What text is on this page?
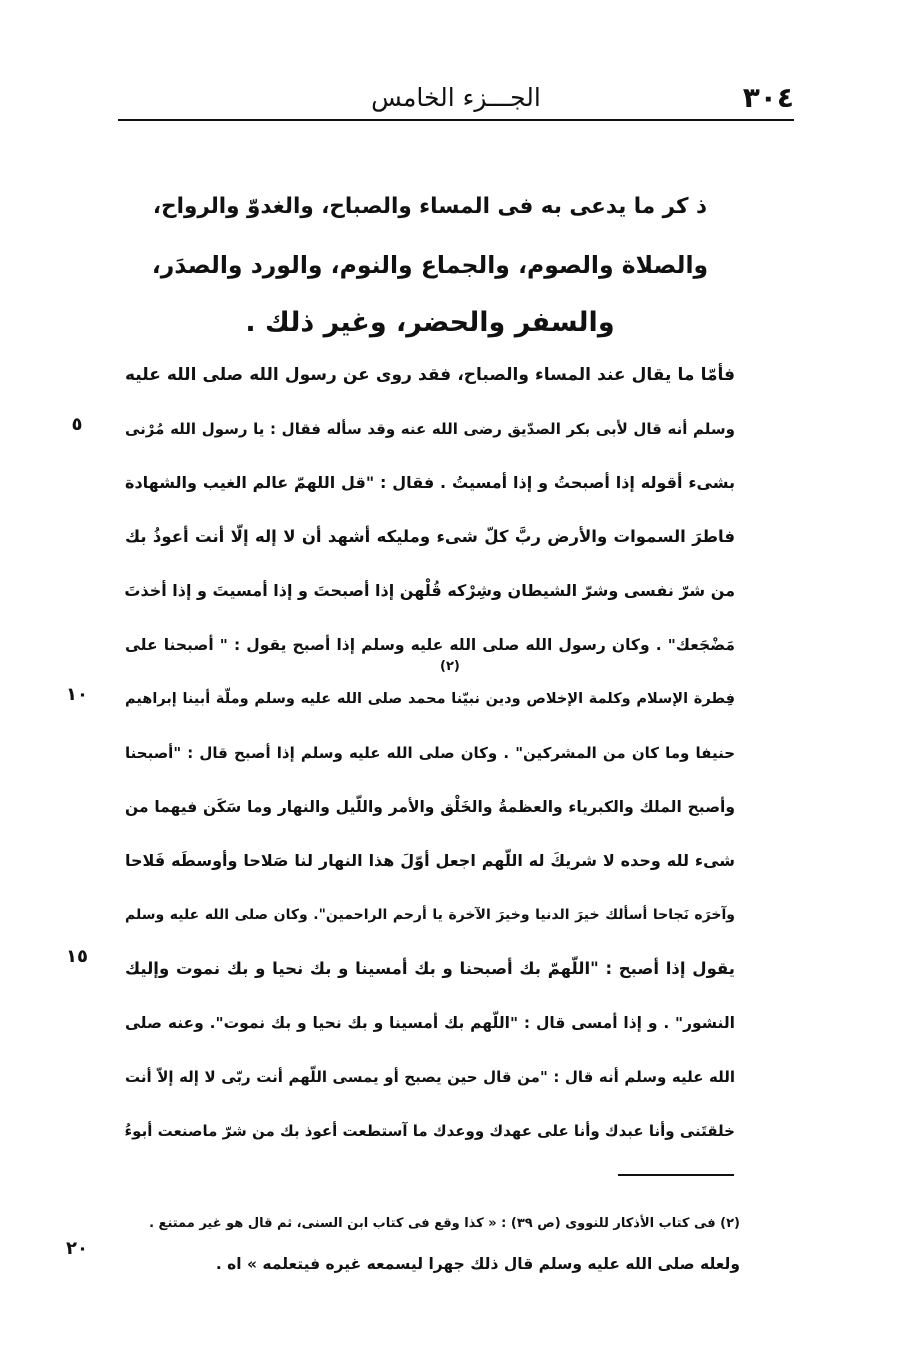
٣٠٤
الجـــزء الخامس
ذ كر ما يدعى به فى المساء والصباح، والغدوّ والرواح،
والصلاة والصوم، والجماع والنوم، والورد والصدَر،
والسفر والحضر، وغير ذلك .
فأمّا ما يقال عند المساء والصباح، فقد روى عن رسول الله صلى الله عليه
وسلم أنه قال لأبى بكر الصدّيق رضى الله عنه وقد سأله فقال : يا رسول الله مُرْنى
بشىء أقوله إذا أصبحتُ و إذا أمسيتُ . فقال : "قل اللهمّ عالم الغيب والشهادة
فاطرَ السموات والأرض ربَّ كلّ شىء ومليكه أشهد أن لا إله إلّا أنت أعوذُ بك
من شرّ نفسى وشرّ الشيطان وشِرْكه قُلْهن إذا أصبحتَ و إذا أمسيتَ و إذا أخذتَ
مَضْجَعك" . وكان رسول الله صلى الله عليه وسلم إذا أصبح يقول : " أصبحنا على
فِطرة الإسلام وكلمة الإخلاص ودين نبيّنا محمد صلى الله عليه وسلم وملّة أبينا إبراهيم
حنيفا وما كان من المشركين" . وكان صلى الله عليه وسلم إذا أصبح قال : "أصبحنا
وأصبح الملك والكبرياء والعظمةُ والخَلْق والأمر واللّيل والنهار وما سَكَن فيهما من
شىء لله وحده لا شريكَ له اللّهم اجعل أوّلَ هذا النهار لنا صَلاحا وأوسطَه فَلاحا
وآخرَه نَجاحا أسألك خيرَ الدنيا وخيرَ الآخرة يا أرحم الراحمين". وكان صلى الله عليه وسلم
يقول إذا أصبح : "اللّهمّ بك أصبحنا و بك أمسينا و بك نحيا و بك نموت وإليك
النشور" . و إذا أمسى قال : "اللّهم بك أمسينا و بك نحيا و بك نموت". وعنه صلى
الله عليه وسلم أنه قال : "من قال حين يصبح أو يمسى اللّهم أنت ربّى لا إله إلاّ أنت
خلقتَنى وأنا عبدك وأنا على عهدك ووعدك ما آستطعت أعوذ بك من شرّ ماصنعت أبوءُ
(٢)
٥
١٠
١٥
٢٠
(٢) فى كتاب الأذكار للنووى (ص ٣٩) : « كذا وقع فى كتاب ابن السنى، ثم قال هو غير ممتنع .
ولعله صلى الله عليه وسلم قال ذلك جهرا ليسمعه غيره فيتعلمه » اه .
